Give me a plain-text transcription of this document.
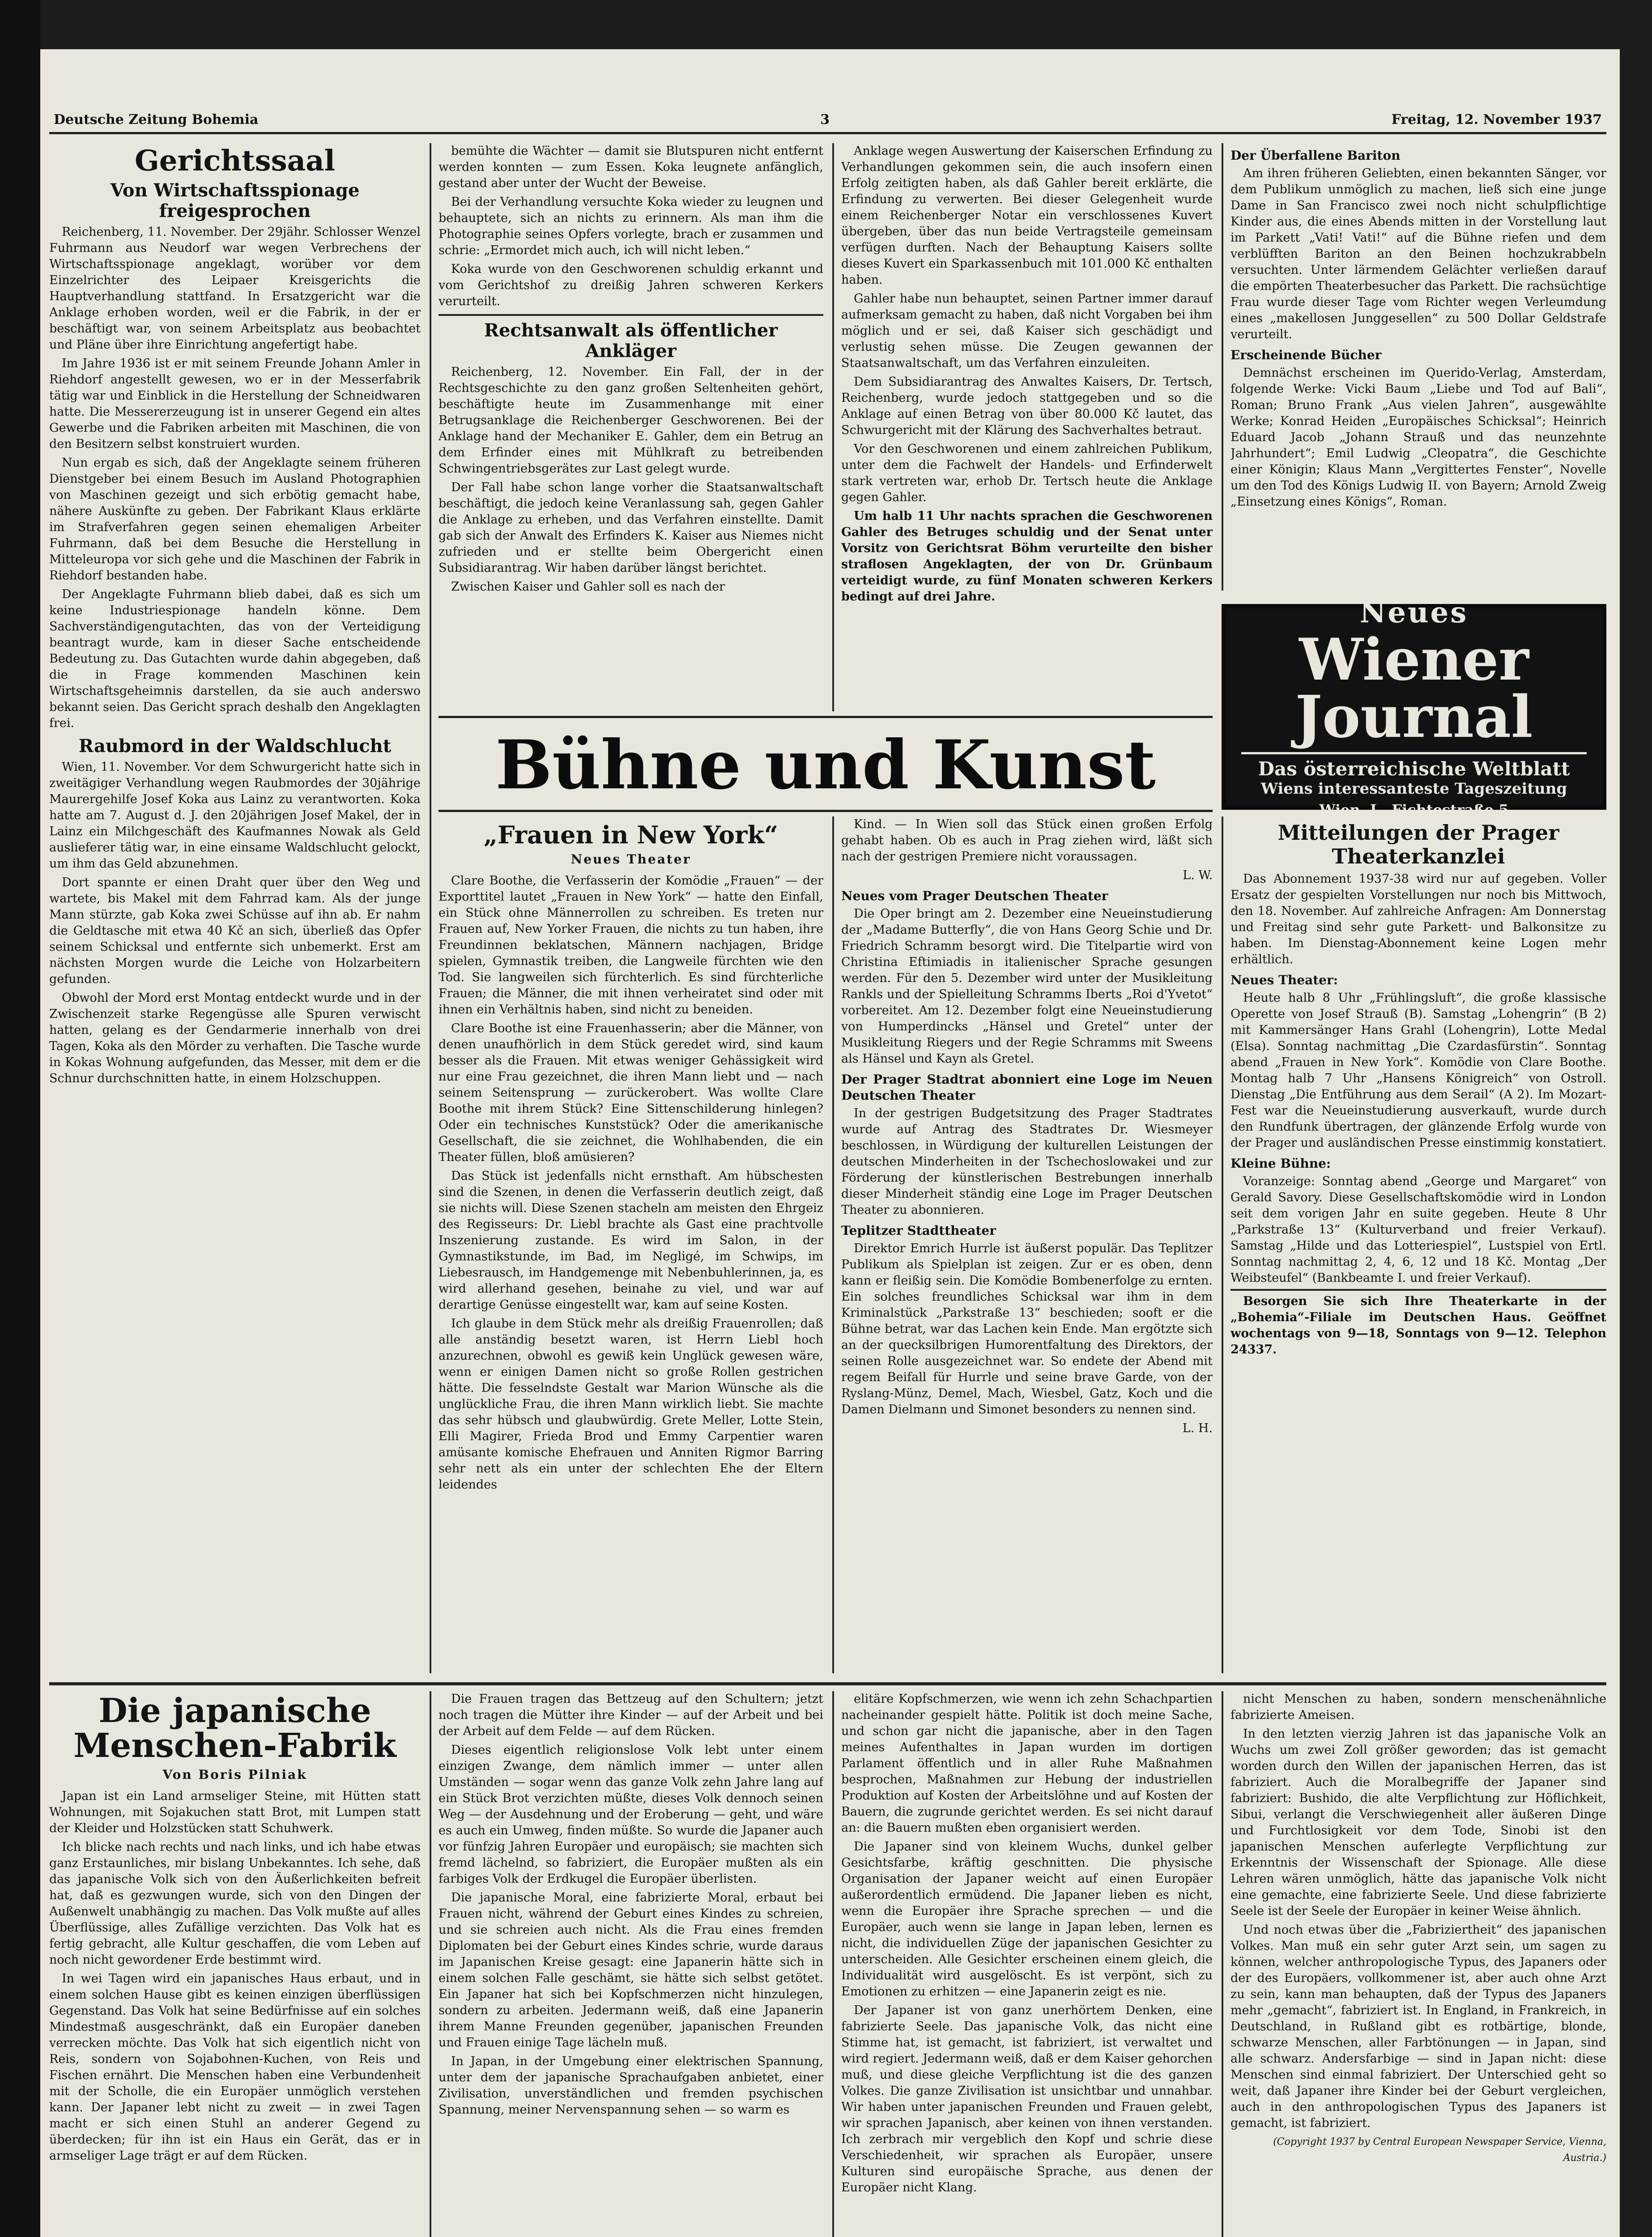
Deutsche Zeitung Bohemia	3	Freitag, 12. November 1937
Gerichtssaal
Von Wirtschaftsspionage freigesprochen

Reichenberg, 11. November. Der 29jähr. Schlosser Wenzel Fuhrmann aus Neudorf war wegen Verbrechens der Wirtschaftsspionage angeklagt, worüber vor dem Einzelrichter des Leipaer Kreisgerichts die Hauptverhandlung stattfand. In Ersatzgericht war die Anklage erhoben worden, weil er die Fabrik, in der er beschäftigt war, von seinem Arbeitsplatz aus beobachtet und Pläne über ihre Einrichtung angefertigt habe.

Im Jahre 1936 ist er mit seinem Freunde Johann Amler in Riehdorf angestellt gewesen, wo er in der Messerfabrik tätig war und Einblick in die Herstellung der Schneidwaren hatte. Die Messererzeugung ist in unserer Gegend ein altes Gewerbe und die Fabriken arbeiten mit Maschinen, die von den Besitzern selbst konstruiert wurden.

Nun ergab es sich, daß der Angeklagte seinem früheren Dienstgeber bei einem Besuch im Ausland Photographien von Maschinen gezeigt und sich erbötig gemacht habe, nähere Auskünfte zu geben. Der Fabrikant Klaus erklärte im Strafverfahren gegen seinen ehemaligen Arbeiter Fuhrmann, daß bei dem Besuche die Herstellung in Mitteleuropa vor sich gehe und die Maschinen der Fabrik in Riehdorf bestanden habe.

Der Angeklagte Fuhrmann blieb dabei, daß es sich um keine Industriespionage handeln könne. Dem Sachverständigengutachten, das von der Verteidigung beantragt wurde, kam in dieser Sache entscheidende Bedeutung zu. Das Gutachten wurde dahin abgegeben, daß die in Frage kommenden Maschinen kein Wirtschaftsgeheimnis darstellen, da sie auch anderswo bekannt seien. Das Gericht sprach deshalb den Angeklagten frei.

Raubmord in der Waldschlucht

Wien, 11. November. Vor dem Schwurgericht hatte sich in zweitägiger Verhandlung wegen Raubmordes der 30jährige Maurergehilfe Josef Koka aus Lainz zu verantworten. Koka hatte am 7. August d. J. den 20jährigen Josef Makel, der in Lainz ein Milchgeschäft des Kaufmannes Nowak als Geld auslieferer tätig war, in eine einsame Waldschlucht gelockt, um ihm das Geld abzunehmen.

Dort spannte er einen Draht quer über den Weg und wartete, bis Makel mit dem Fahrrad kam. Als der junge Mann stürzte, gab Koka zwei Schüsse auf ihn ab. Er nahm die Geldtasche mit etwa 40 Kč an sich, überließ das Opfer seinem Schicksal und entfernte sich unbemerkt. Erst am nächsten Morgen wurde die Leiche von Holzarbeitern gefunden.

Obwohl der Mord erst Montag entdeckt wurde und in der Zwischenzeit starke Regengüsse alle Spuren verwischt hatten, gelang es der Gendarmerie innerhalb von drei Tagen, Koka als den Mörder zu verhaften. Die Tasche wurde in Kokas Wohnung aufgefunden, das Messer, mit dem er die Schnur durchschnitten hatte, in einem Holzschuppen.

bemühte die Wächter — damit sie Blutspuren nicht entfernt werden konnten — zum Essen. Koka leugnete anfänglich, gestand aber unter der Wucht der Beweise.

Bei der Verhandlung versuchte Koka wieder zu leugnen und behauptete, sich an nichts zu erinnern. Als man ihm die Photographie seines Opfers vorlegte, brach er zusammen und schrie: „Ermordet mich auch, ich will nicht leben.“

Koka wurde von den Geschworenen schuldig erkannt und vom Gerichtshof zu dreißig Jahren schweren Kerkers verurteilt.

Rechtsanwalt als öffentlicher Ankläger

Reichenberg, 12. November. Ein Fall, der in der Rechtsgeschichte zu den ganz großen Seltenheiten gehört, beschäftigte heute im Zusammenhange mit einer Betrugsanklage die Reichenberger Geschworenen. Bei der Anklage hand der Mechaniker E. Gahler, dem ein Betrug an dem Erfinder eines mit Mühlkraft zu betreibenden Schwingentriebsgerätes zur Last gelegt wurde.

Der Fall habe schon lange vorher die Staatsanwaltschaft beschäftigt, die jedoch keine Veranlassung sah, gegen Gahler die Anklage zu erheben, und das Verfahren einstellte. Damit gab sich der Anwalt des Erfinders K. Kaiser aus Niemes nicht zufrieden und er stellte beim Obergericht einen Subsidiarantrag. Wir haben darüber längst berichtet.

Zwischen Kaiser und Gahler soll es nach der

Anklage wegen Auswertung der Kaiserschen Erfindung zu Verhandlungen gekommen sein, die auch insofern einen Erfolg zeitigten haben, als daß Gahler bereit erklärte, die Erfindung zu verwerten. Bei dieser Gelegenheit wurde einem Reichenberger Notar ein verschlossenes Kuvert übergeben, über das nun beide Vertragsteile gemeinsam verfügen durften. Nach der Behauptung Kaisers sollte dieses Kuvert ein Sparkassenbuch mit 101.000 Kč enthalten haben.

Gahler habe nun behauptet, seinen Partner immer darauf aufmerksam gemacht zu haben, daß nicht Vorgaben bei ihm möglich und er sei, daß Kaiser sich geschädigt und verlustig sehen müsse. Die Zeugen gewannen der Staatsanwaltschaft, um das Verfahren einzuleiten.

Dem Subsidiarantrag des Anwaltes Kaisers, Dr. Tertsch, Reichenberg, wurde jedoch stattgegeben und so die Anklage auf einen Betrag von über 80.000 Kč lautet, das Schwurgericht mit der Klärung des Sachverhaltes betraut.

Vor den Geschworenen und einem zahlreichen Publikum, unter dem die Fachwelt der Handels- und Erfinderwelt stark vertreten war, erhob Dr. Tertsch heute die Anklage gegen Gahler.

Um halb 11 Uhr nachts sprachen die Geschworenen Gahler des Betruges schuldig und der Senat unter Vorsitz von Gerichtsrat Böhm verurteilte den bisher straflosen Angeklagten, der von Dr. Grünbaum verteidigt wurde, zu fünf Monaten schweren Kerkers bedingt auf drei Jahre.

Der Überfallene Bariton

Am ihren früheren Geliebten, einen bekannten Sänger, vor dem Publikum unmöglich zu machen, ließ sich eine junge Dame in San Francisco zwei noch nicht schulpflichtige Kinder aus, die eines Abends mitten in der Vorstellung laut im Parkett „Vati! Vati!“ auf die Bühne riefen und dem verblüfften Bariton an den Beinen hochzukrabbeln versuchten. Unter lärmendem Gelächter verließen darauf die empörten Theaterbesucher das Parkett. Die rachsüchtige Frau wurde dieser Tage vom Richter wegen Verleumdung eines „makellosen Junggesellen“ zu 500 Dollar Geldstrafe verurteilt.

Erscheinende Bücher

Demnächst erscheinen im Querido-Verlag, Amsterdam, folgende Werke: Vicki Baum „Liebe und Tod auf Bali“, Roman; Bruno Frank „Aus vielen Jahren“, ausgewählte Werke; Konrad Heiden „Europäisches Schicksal“; Heinrich Eduard Jacob „Johann Strauß und das neunzehnte Jahrhundert“; Emil Ludwig „Cleopatra“, die Geschichte einer Königin; Klaus Mann „Vergittertes Fenster“, Novelle um den Tod des Königs Ludwig II. von Bayern; Arnold Zweig „Einsetzung eines Königs“, Roman.

Neues
Wiener Journal
Das österreichische Weltblatt
Wiens interessanteste Tageszeitung
Wien, I., Fichtestraße 5
Bühne und Kunst
„Frauen in New York“
Neues Theater

Clare Boothe, die Verfasserin der Komödie „Frauen“ — der Exporttitel lautet „Frauen in New York“ — hatte den Einfall, ein Stück ohne Männerrollen zu schreiben. Es treten nur Frauen auf, New Yorker Frauen, die nichts zu tun haben, ihre Freundinnen beklatschen, Männern nachjagen, Bridge spielen, Gymnastik treiben, die Langweile fürchten wie den Tod. Sie langweilen sich fürchterlich. Es sind fürchterliche Frauen; die Männer, die mit ihnen verheiratet sind oder mit ihnen ein Verhältnis haben, sind nicht zu beneiden.

Clare Boothe ist eine Frauenhasserin; aber die Männer, von denen unaufhörlich in dem Stück geredet wird, sind kaum besser als die Frauen. Mit etwas weniger Gehässigkeit wird nur eine Frau gezeichnet, die ihren Mann liebt und — nach seinem Seitensprung — zurückerobert. Was wollte Clare Boothe mit ihrem Stück? Eine Sittenschilderung hinlegen? Oder ein technisches Kunststück? Oder die amerikanische Gesellschaft, die sie zeichnet, die Wohlhabenden, die ein Theater füllen, bloß amüsieren?

Das Stück ist jedenfalls nicht ernsthaft. Am hübschesten sind die Szenen, in denen die Verfasserin deutlich zeigt, daß sie nichts will. Diese Szenen stacheln am meisten den Ehrgeiz des Regisseurs: Dr. Liebl brachte als Gast eine prachtvolle Inszenierung zustande. Es wird im Salon, in der Gymnastikstunde, im Bad, im Negligé, im Schwips, im Liebesrausch, im Handgemenge mit Nebenbuhlerinnen, ja, es wird allerhand gesehen, beinahe zu viel, und war auf derartige Genüsse eingestellt war, kam auf seine Kosten.

Ich glaube in dem Stück mehr als dreißig Frauenrollen; daß alle anständig besetzt waren, ist Herrn Liebl hoch anzurechnen, obwohl es gewiß kein Unglück gewesen wäre, wenn er einigen Damen nicht so große Rollen gestrichen hätte. Die fesselndste Gestalt war Marion Wünsche als die unglückliche Frau, die ihren Mann wirklich liebt. Sie machte das sehr hübsch und glaubwürdig. Grete Meller, Lotte Stein, Elli Magirer, Frieda Brod und Emmy Carpentier waren amüsante komische Ehefrauen und Anniten Rigmor Barring sehr nett als ein unter der schlechten Ehe der Eltern leidendes

Kind. — In Wien soll das Stück einen großen Erfolg gehabt haben. Ob es auch in Prag ziehen wird, läßt sich nach der gestrigen Premiere nicht voraussagen.

L. W.

Neues vom Prager Deutschen Theater

Die Oper bringt am 2. Dezember eine Neueinstudierung der „Madame Butterfly“, die von Hans Georg Schie und Dr. Friedrich Schramm besorgt wird. Die Titelpartie wird von Christina Eftimiadis in italienischer Sprache gesungen werden. Für den 5. Dezember wird unter der Musikleitung Rankls und der Spielleitung Schramms Iberts „Roi d'Yvetot“ vorbereitet. Am 12. Dezember folgt eine Neueinstudierung von Humperdincks „Hänsel und Gretel“ unter der Musikleitung Riegers und der Regie Schramms mit Sweens als Hänsel und Kayn als Gretel.

Der Prager Stadtrat abonniert eine Loge im Neuen Deutschen Theater

In der gestrigen Budgetsitzung des Prager Stadtrates wurde auf Antrag des Stadtrates Dr. Wiesmeyer beschlossen, in Würdigung der kulturellen Leistungen der deutschen Minderheiten in der Tschechoslowakei und zur Förderung der künstlerischen Bestrebungen innerhalb dieser Minderheit ständig eine Loge im Prager Deutschen Theater zu abonnieren.

Teplitzer Stadttheater

Direktor Emrich Hurrle ist äußerst populär. Das Teplitzer Publikum als Spielplan ist zeigen. Zur er es oben, denn kann er fleißig sein. Die Komödie Bombenerfolge zu ernten. Ein solches freundliches Schicksal war ihm in dem Kriminalstück „Parkstraße 13“ beschieden; sooft er die Bühne betrat, war das Lachen kein Ende. Man ergötzte sich an der quecksilbrigen Humorentfaltung des Direktors, der seinen Rolle ausgezeichnet war. So endete der Abend mit regem Beifall für Hurrle und seine brave Garde, von der Ryslang-Münz, Demel, Mach, Wiesbel, Gatz, Koch und die Damen Dielmann und Simonet besonders zu nennen sind.

L. H.

Mitteilungen der Prager Theaterkanzlei

Das Abonnement 1937-38 wird nur auf gegeben. Voller Ersatz der gespielten Vorstellungen nur noch bis Mittwoch, den 18. November. Auf zahlreiche Anfragen: Am Donnerstag und Freitag sind sehr gute Parkett- und Balkonsitze zu haben. Im Dienstag-Abonnement keine Logen mehr erhältlich.

Neues Theater:

Heute halb 8 Uhr „Frühlingsluft“, die große klassische Operette von Josef Strauß (B). Samstag „Lohengrin“ (B 2) mit Kammersänger Hans Grahl (Lohengrin), Lotte Medal (Elsa). Sonntag nachmittag „Die Czardasfürstin“. Sonntag abend „Frauen in New York“. Komödie von Clare Boothe. Montag halb 7 Uhr „Hansens Königreich“ von Ostroll. Dienstag „Die Entführung aus dem Serail“ (A 2). Im Mozart-Fest war die Neueinstudierung ausverkauft, wurde durch den Rundfunk übertragen, der glänzende Erfolg wurde von der Prager und ausländischen Presse einstimmig konstatiert.

Kleine Bühne:

Voranzeige: Sonntag abend „George und Margaret“ von Gerald Savory. Diese Gesellschaftskomödie wird in London seit dem vorigen Jahr en suite gegeben. Heute 8 Uhr „Parkstraße 13“ (Kulturverband und freier Verkauf). Samstag „Hilde und das Lotteriespiel“, Lustspiel von Ertl. Sonntag nachmittag 2, 4, 6, 12 und 18 Kč. Montag „Der Weibsteufel“ (Bankbeamte I. und freier Verkauf).

Besorgen Sie sich Ihre Theaterkarte in der „Bohemia“-Filiale im Deutschen Haus. Geöffnet wochentags von 9—18, Sonntags von 9—12. Telephon 24337.

Die japanische Menschen-Fabrik
Von Boris Pilniak

Japan ist ein Land armseliger Steine, mit Hütten statt Wohnungen, mit Sojakuchen statt Brot, mit Lumpen statt der Kleider und Holzstücken statt Schuhwerk.

Ich blicke nach rechts und nach links, und ich habe etwas ganz Erstaunliches, mir bislang Unbekanntes. Ich sehe, daß das japanische Volk sich von den Äußerlichkeiten befreit hat, daß es gezwungen wurde, sich von den Dingen der Außenwelt unabhängig zu machen. Das Volk mußte auf alles Überflüssige, alles Zufällige verzichten. Das Volk hat es fertig gebracht, alle Kultur geschaffen, die vom Leben auf noch nicht gewordener Erde bestimmt wird.

In wei Tagen wird ein japanisches Haus erbaut, und in einem solchen Hause gibt es keinen einzigen überflüssigen Gegenstand. Das Volk hat seine Bedürfnisse auf ein solches Mindestmaß ausgeschränkt, daß ein Europäer daneben verrecken möchte. Das Volk hat sich eigentlich nicht von Reis, sondern von Sojabohnen-Kuchen, von Reis und Fischen ernährt. Die Menschen haben eine Verbundenheit mit der Scholle, die ein Europäer unmöglich verstehen kann. Der Japaner lebt nicht zu zweit — in zwei Tagen macht er sich einen Stuhl an anderer Gegend zu überdecken; für ihn ist ein Haus ein Gerät, das er in armseliger Lage trägt er auf dem Rücken.

Die Frauen tragen das Bettzeug auf den Schultern; jetzt noch tragen die Mütter ihre Kinder — auf der Arbeit und bei der Arbeit auf dem Felde — auf dem Rücken.

Dieses eigentlich religionslose Volk lebt unter einem einzigen Zwange, dem nämlich immer — unter allen Umständen — sogar wenn das ganze Volk zehn Jahre lang auf ein Stück Brot verzichten müßte, dieses Volk dennoch seinen Weg — der Ausdehnung und der Eroberung — geht, und wäre es auch ein Umweg, finden müßte. So wurde die Japaner auch vor fünfzig Jahren Europäer und europäisch; sie machten sich fremd lächelnd, so fabriziert, die Europäer mußten als ein farbiges Volk der Erdkugel die Europäer überlisten.

Die japanische Moral, eine fabrizierte Moral, erbaut bei Frauen nicht, während der Geburt eines Kindes zu schreien, und sie schreien auch nicht. Als die Frau eines fremden Diplomaten bei der Geburt eines Kindes schrie, wurde daraus im Japanischen Kreise gesagt: eine Japanerin hätte sich in einem solchen Falle geschämt, sie hätte sich selbst getötet. Ein Japaner hat sich bei Kopfschmerzen nicht hinzulegen, sondern zu arbeiten. Jedermann weiß, daß eine Japanerin ihrem Manne Freunden gegenüber, japanischen Freunden und Frauen einige Tage lächeln muß.

In Japan, in der Umgebung einer elektrischen Spannung, unter dem der japanische Sprachaufgaben anbietet, einer Zivilisation, unverständlichen und fremden psychischen Spannung, meiner Nervenspannung sehen — so warm es

elitäre Kopfschmerzen, wie wenn ich zehn Schachpartien nacheinander gespielt hätte. Politik ist doch meine Sache, und schon gar nicht die japanische, aber in den Tagen meines Aufenthaltes in Japan wurden im dortigen Parlament öffentlich und in aller Ruhe Maßnahmen besprochen, Maßnahmen zur Hebung der industriellen Produktion auf Kosten der Arbeitslöhne und auf Kosten der Bauern, die zugrunde gerichtet werden. Es sei nicht darauf an: die Bauern mußten eben organisiert werden.

Die Japaner sind von kleinem Wuchs, dunkel gelber Gesichtsfarbe, kräftig geschnitten. Die physische Organisation der Japaner weicht auf einen Europäer außerordentlich ermüdend. Die Japaner lieben es nicht, wenn die Europäer ihre Sprache sprechen — und die Europäer, auch wenn sie lange in Japan leben, lernen es nicht, die individuellen Züge der japanischen Gesichter zu unterscheiden. Alle Gesichter erscheinen einem gleich, die Individualität wird ausgelöscht. Es ist verpönt, sich zu Emotionen zu erhitzen — eine Japanerin zeigt es nie.

Der Japaner ist von ganz unerhörtem Denken, eine fabrizierte Seele. Das japanische Volk, das nicht eine Stimme hat, ist gemacht, ist fabriziert, ist verwaltet und wird regiert. Jedermann weiß, daß er dem Kaiser gehorchen muß, und diese gleiche Verpflichtung ist die des ganzen Volkes. Die ganze Zivilisation ist unsichtbar und unnahbar. Wir haben unter japanischen Freunden und Frauen gelebt, wir sprachen Japanisch, aber keinen von ihnen verstanden. Ich zerbrach mir vergeblich den Kopf und schrie diese Verschiedenheit, wir sprachen als Europäer, unsere Kulturen sind europäische Sprache, aus denen der Europäer nicht Klang.

nicht Menschen zu haben, sondern menschenähnliche fabrizierte Ameisen.

In den letzten vierzig Jahren ist das japanische Volk an Wuchs um zwei Zoll größer geworden; das ist gemacht worden durch den Willen der japanischen Herren, das ist fabriziert. Auch die Moralbegriffe der Japaner sind fabriziert: Bushido, die alte Verpflichtung zur Höflichkeit, Sibui, verlangt die Verschwiegenheit aller äußeren Dinge und Furchtlosigkeit vor dem Tode, Sinobi ist den japanischen Menschen auferlegte Verpflichtung zur Erkenntnis der Wissenschaft der Spionage. Alle diese Lehren wären unmöglich, hätte das japanische Volk nicht eine gemachte, eine fabrizierte Seele. Und diese fabrizierte Seele ist der Seele der Europäer in keiner Weise ähnlich.

Und noch etwas über die „Fabriziertheit“ des japanischen Volkes. Man muß ein sehr guter Arzt sein, um sagen zu können, welcher anthropologische Typus, des Japaners oder der des Europäers, vollkommener ist, aber auch ohne Arzt zu sein, kann man behaupten, daß der Typus des Japaners mehr „gemacht“, fabriziert ist. In England, in Frankreich, in Deutschland, in Rußland gibt es rotbärtige, blonde, schwarze Menschen, aller Farbtönungen — in Japan, sind alle schwarz. Andersfarbige — sind in Japan nicht: diese Menschen sind einmal fabriziert. Der Unterschied geht so weit, daß Japaner ihre Kinder bei der Geburt vergleichen, auch in den anthropologischen Typus des Japaners ist gemacht, ist fabriziert.

(Copyright 1937 by Central European Newspaper Service, Vienna, Austria.)
